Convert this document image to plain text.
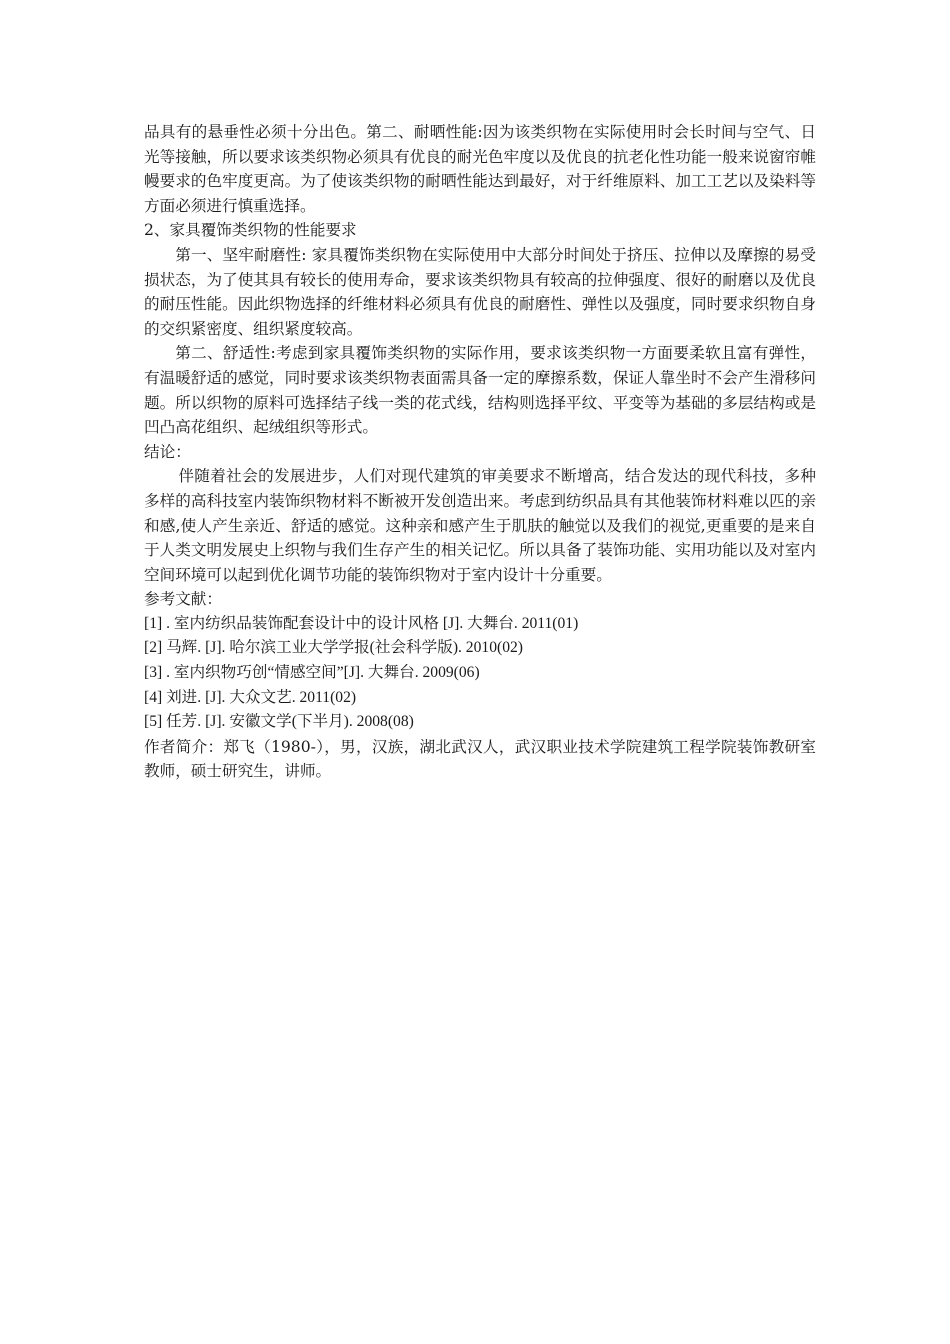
品具有的悬垂性必须十分出色。第二、耐晒性能:因为该类织物在实际使用时会长时间与空气、日光等接触，所以要求该类织物必须具有优良的耐光色牢度以及优良的抗老化性功能一般来说窗帘帷幔要求的色牢度更高。为了使该类织物的耐晒性能达到最好，对于纤维原料、加工工艺以及染料等方面必须进行慎重选择。

2、家具覆饰类织物的性能要求

第一、坚牢耐磨性: 家具覆饰类织物在实际使用中大部分时间处于挤压、拉伸以及摩擦的易受损状态，为了使其具有较长的使用寿命，要求该类织物具有较高的拉伸强度、很好的耐磨以及优良的耐压性能。因此织物选择的纤维材料必须具有优良的耐磨性、弹性以及强度，同时要求织物自身的交织紧密度、组织紧度较高。

第二、舒适性:考虑到家具覆饰类织物的实际作用，要求该类织物一方面要柔软且富有弹性，有温暖舒适的感觉，同时要求该类织物表面需具备一定的摩擦系数，保证人靠坐时不会产生滑移问题。所以织物的原料可选择结子线一类的花式线，结构则选择平纹、平变等为基础的多层结构或是凹凸高花组织、起绒组织等形式。

结论：

伴随着社会的发展进步，人们对现代建筑的审美要求不断增高，结合发达的现代科技，多种多样的高科技室内装饰织物材料不断被开发创造出来。考虑到纺织品具有其他装饰材料难以匹的亲和感,使人产生亲近、舒适的感觉。这种亲和感产生于肌肤的触觉以及我们的视觉,更重要的是来自于人类文明发展史上织物与我们生存产生的相关记忆。所以具备了装饰功能、实用功能以及对室内空间环境可以起到优化调节功能的装饰织物对于室内设计十分重要。

参考文献：

[1] . 室内纺织品装饰配套设计中的设计风格 [J]. 大舞台. 2011(01)

[2] 马辉. [J]. 哈尔滨工业大学学报(社会科学版). 2010(02)

[3] . 室内织物巧创“情感空间”[J]. 大舞台. 2009(06)

[4] 刘进. [J]. 大众文艺. 2011(02)

[5] 任芳. [J]. 安徽文学(下半月). 2008(08)

作者简介：郑飞（1980-），男，汉族，湖北武汉人，武汉职业技术学院建筑工程学院装饰教研室教师，硕士研究生，讲师。
